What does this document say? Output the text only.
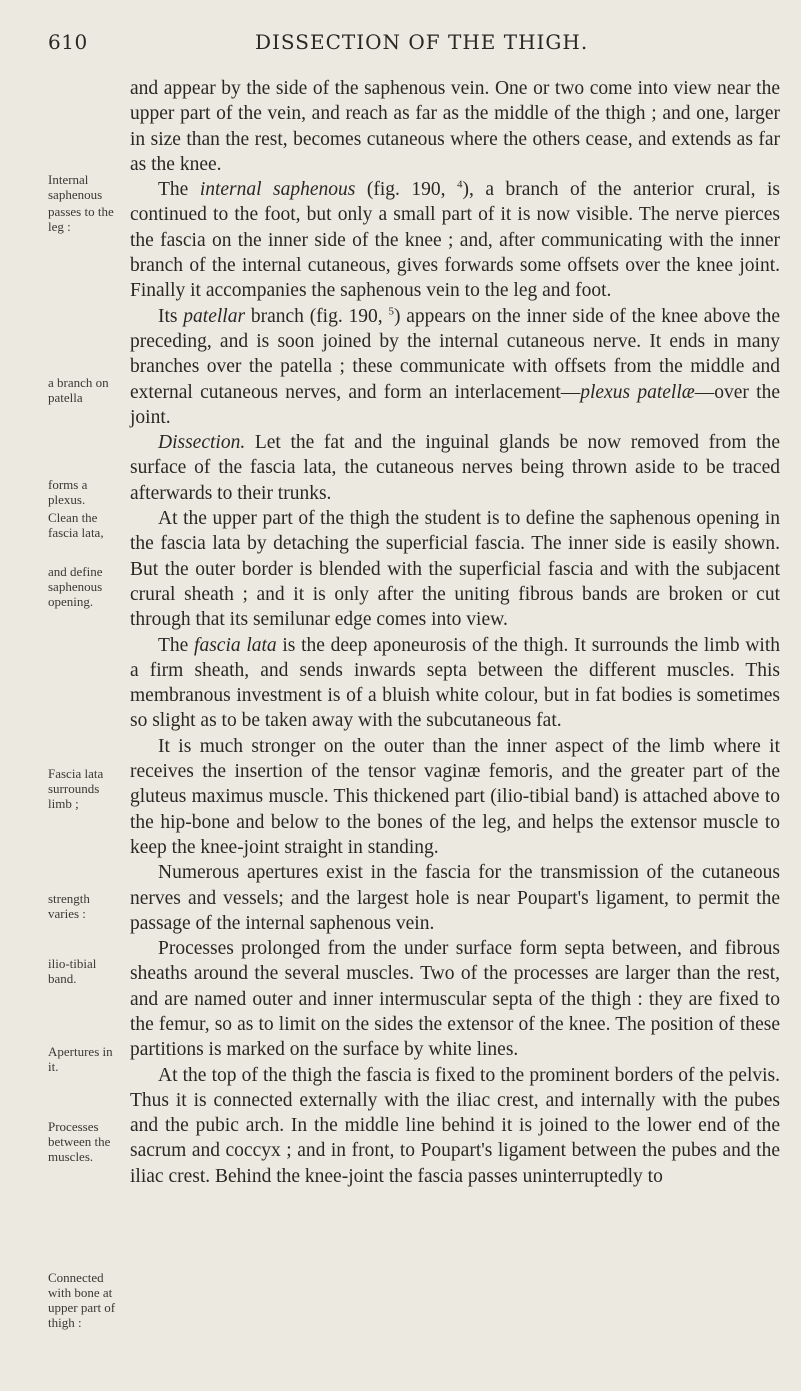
610	DISSECTION OF THE THIGH.
Internal saphenous
passes to the leg :
a branch on patella
forms a plexus.
Clean the fascia lata,
and define saphenous opening.
Fascia lata surrounds limb ;
strength varies :
ilio-tibial band.
Apertures in it.
Processes between the muscles.
Connected with bone at upper part of thigh :

and appear by the side of the saphenous vein. One or two come into view near the upper part of the vein, and reach as far as the middle of the thigh ; and one, larger in size than the rest, becomes cutaneous where the others cease, and extends as far as the knee.

The internal saphenous (fig. 190, $^4$), a branch of the anterior crural, is continued to the foot, but only a small part of it is now visible. The nerve pierces the fascia on the inner side of the knee ; and, after communicating with the inner branch of the internal cutaneous, gives forwards some offsets over the knee joint. Finally it accompanies the saphenous vein to the leg and foot.

Its patellar branch (fig. 190, $^5$) appears on the inner side of the knee above the preceding, and is soon joined by the internal cutaneous nerve. It ends in many branches over the patella ; these communicate with offsets from the middle and external cutaneous nerves, and form an interlacement—plexus patellæ—over the joint.

Dissection. Let the fat and the inguinal glands be now removed from the surface of the fascia lata, the cutaneous nerves being thrown aside to be traced afterwards to their trunks.

At the upper part of the thigh the student is to define the saphenous opening in the fascia lata by detaching the superficial fascia. The inner side is easily shown. But the outer border is blended with the superficial fascia and with the subjacent crural sheath ; and it is only after the uniting fibrous bands are broken or cut through that its semilunar edge comes into view.

The fascia lata is the deep aponeurosis of the thigh. It surrounds the limb with a firm sheath, and sends inwards septa between the different muscles. This membranous investment is of a bluish white colour, but in fat bodies is sometimes so slight as to be taken away with the subcutaneous fat.

It is much stronger on the outer than the inner aspect of the limb where it receives the insertion of the tensor vaginæ femoris, and the greater part of the gluteus maximus muscle. This thickened part (ilio-tibial band) is attached above to the hip-bone and below to the bones of the leg, and helps the extensor muscle to keep the knee-joint straight in standing.

Numerous apertures exist in the fascia for the transmission of the cutaneous nerves and vessels; and the largest hole is near Poupart's ligament, to permit the passage of the internal saphenous vein.

Processes prolonged from the under surface form septa between, and fibrous sheaths around the several muscles. Two of the processes are larger than the rest, and are named outer and inner intermuscular septa of the thigh : they are fixed to the femur, so as to limit on the sides the extensor of the knee. The position of these partitions is marked on the surface by white lines.

At the top of the thigh the fascia is fixed to the prominent borders of the pelvis. Thus it is connected externally with the iliac crest, and internally with the pubes and the pubic arch. In the middle line behind it is joined to the lower end of the sacrum and coccyx ; and in front, to Poupart's ligament between the pubes and the iliac crest. Behind the knee-joint the fascia passes uninterruptedly to
